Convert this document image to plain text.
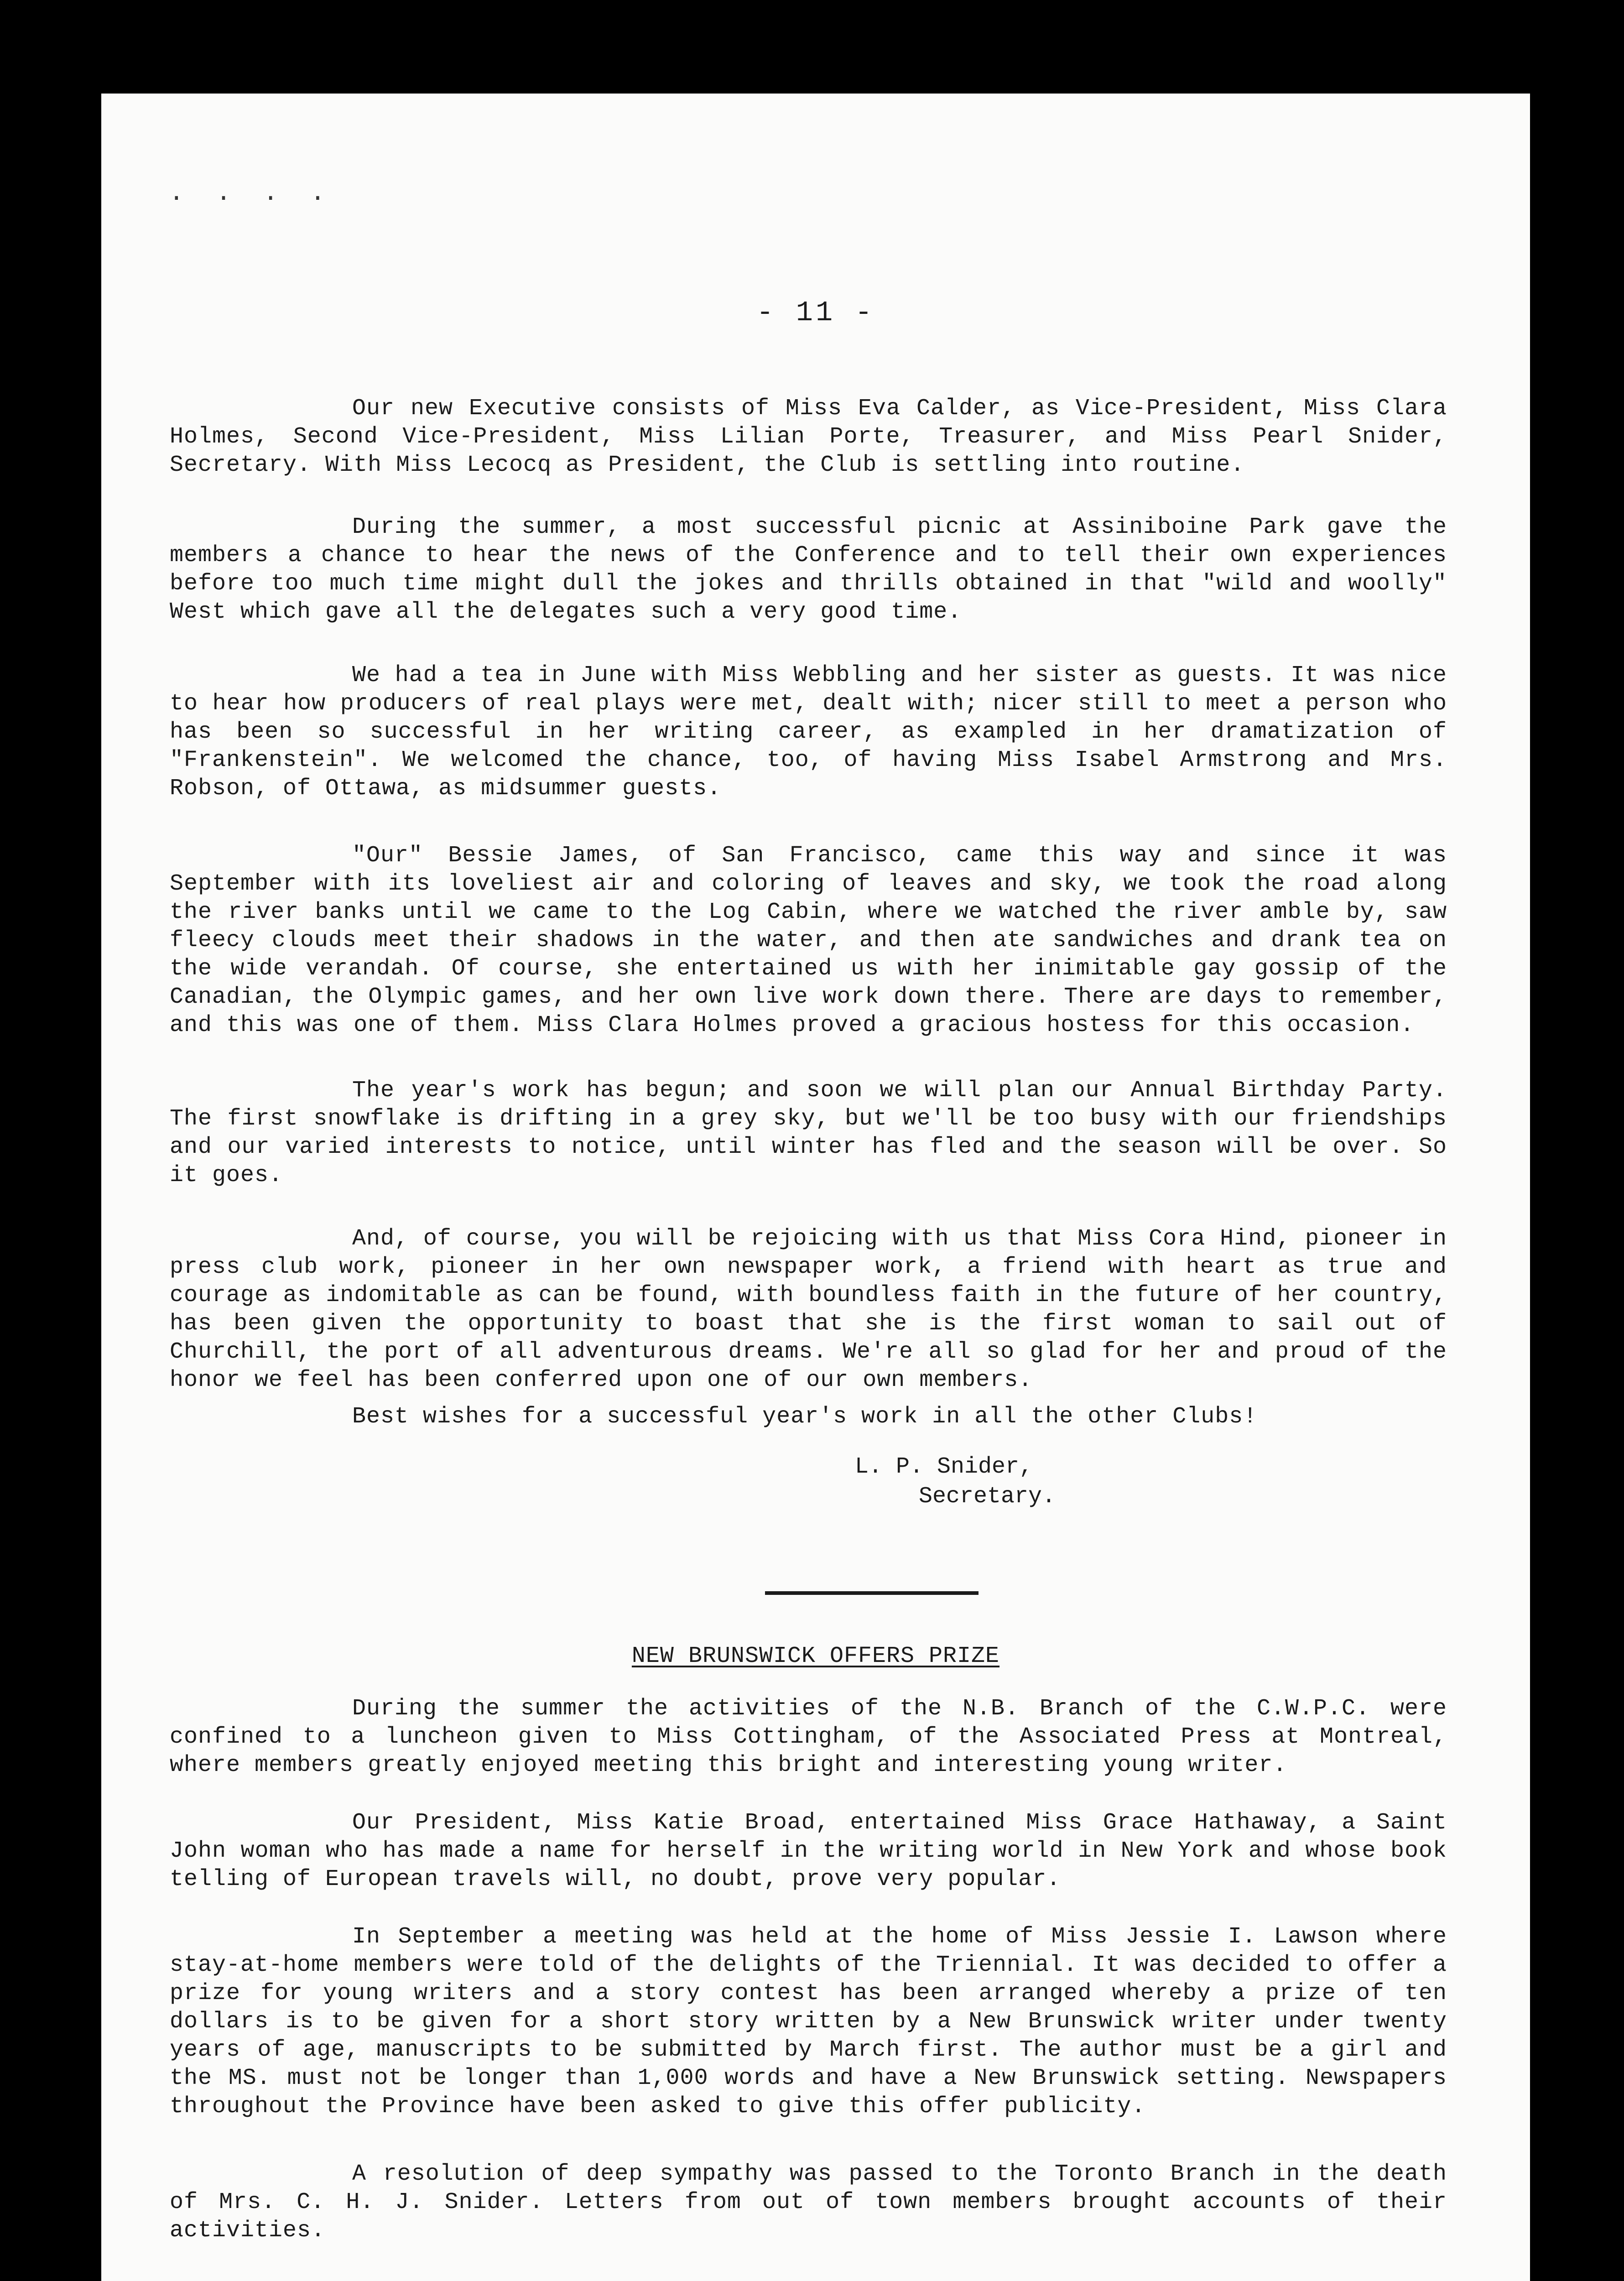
. . . .
- 11 -

Our new Executive consists of Miss Eva Calder, as Vice-President, Miss Clara Holmes, Second Vice-President, Miss Lilian Porte, Treasurer, and Miss Pearl Snider, Secretary. With Miss Lecocq as President, the Club is settling into routine.

During the summer, a most successful picnic at Assiniboine Park gave the members a chance to hear the news of the Conference and to tell their own experiences before too much time might dull the jokes and thrills obtained in that "wild and woolly" West which gave all the delegates such a very good time.

We had a tea in June with Miss Webbling and her sister as guests. It was nice to hear how producers of real plays were met, dealt with; nicer still to meet a person who has been so successful in her writing career, as exampled in her dramatization of "Frankenstein". We welcomed the chance, too, of having Miss Isabel Armstrong and Mrs. Robson, of Ottawa, as midsummer guests.

"Our" Bessie James, of San Francisco, came this way and since it was September with its loveliest air and coloring of leaves and sky, we took the road along the river banks until we came to the Log Cabin, where we watched the river amble by, saw fleecy clouds meet their shadows in the water, and then ate sandwiches and drank tea on the wide verandah. Of course, she entertained us with her inimitable gay gossip of the Canadian, the Olympic games, and her own live work down there. There are days to remember, and this was one of them. Miss Clara Holmes proved a gracious hostess for this occasion.

The year's work has begun; and soon we will plan our Annual Birthday Party. The first snowflake is drifting in a grey sky, but we'll be too busy with our friendships and our varied interests to notice, until winter has fled and the season will be over. So it goes.

And, of course, you will be rejoicing with us that Miss Cora Hind, pioneer in press club work, pioneer in her own newspaper work, a friend with heart as true and courage as indomitable as can be found, with boundless faith in the future of her country, has been given the opportunity to boast that she is the first woman to sail out of Churchill, the port of all adventurous dreams. We're all so glad for her and proud of the honor we feel has been conferred upon one of our own members.

Best wishes for a successful year's work in all the other Clubs!

L. P. Snider,
Secretary.
NEW BRUNSWICK OFFERS PRIZE

During the summer the activities of the N.B. Branch of the C.W.P.C. were confined to a luncheon given to Miss Cottingham, of the Associated Press at Montreal, where members greatly enjoyed meeting this bright and interesting young writer.

Our President, Miss Katie Broad, entertained Miss Grace Hathaway, a Saint John woman who has made a name for herself in the writing world in New York and whose book telling of European travels will, no doubt, prove very popular.

In September a meeting was held at the home of Miss Jessie I. Lawson where stay-at-home members were told of the delights of the Triennial. It was decided to offer a prize for young writers and a story contest has been arranged whereby a prize of ten dollars is to be given for a short story written by a New Brunswick writer under twenty years of age, manuscripts to be submitted by March first. The author must be a girl and the MS. must not be longer than 1,000 words and have a New Brunswick setting. Newspapers throughout the Province have been asked to give this offer publicity.

A resolution of deep sympathy was passed to the Toronto Branch in the death of Mrs. C. H. J. Snider. Letters from out of town members brought accounts of their activities.
